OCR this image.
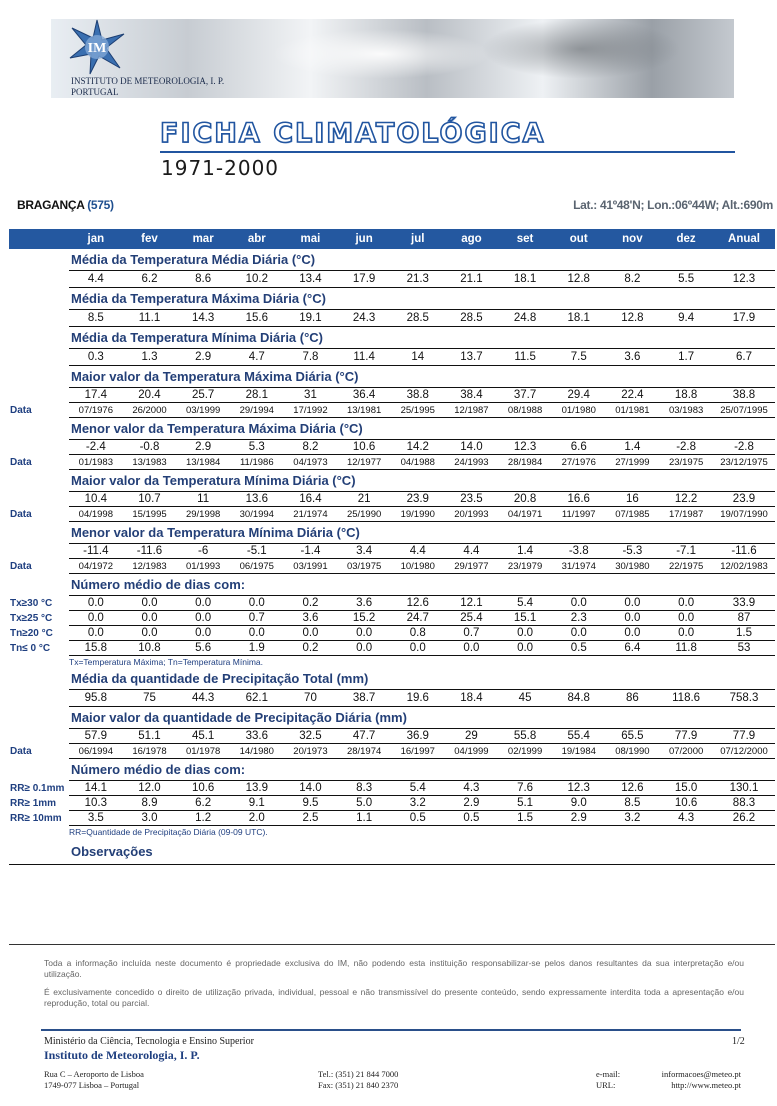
IM
INSTITUTO DE METEOROLOGIA, I. P.
PORTUGAL
FICHA CLIMATOLÓGICA
1971-2000
BRAGANÇA (575)	Lat.: 41º48'N; Lon.:06º44W; Alt.:690m
	jan	fev	mar	abr	mai	jun	jul	ago	set	out	nov	dez	Anual
	Média da Temperatura Média Diária (°C)												
	4.4	6.2	8.6	10.2	13.4	17.9	21.3	21.1	18.1	12.8	8.2	5.5	12.3
	Média da Temperatura Máxima Diária (°C)												
	8.5	11.1	14.3	15.6	19.1	24.3	28.5	28.5	24.8	18.1	12.8	9.4	17.9
	Média da Temperatura Mínima Diária (°C)												
	0.3	1.3	2.9	4.7	7.8	11.4	14	13.7	11.5	7.5	3.6	1.7	6.7
	Maior valor da Temperatura Máxima Diária (°C)												
	17.4	20.4	25.7	28.1	31	36.4	38.8	38.4	37.7	29.4	22.4	18.8	38.8
Data	07/1976	26/2000	03/1999	29/1994	17/1992	13/1981	25/1995	12/1987	08/1988	01/1980	01/1981	03/1983	25/07/1995
	Menor valor da Temperatura Máxima Diária (°C)												
	-2.4	-0.8	2.9	5.3	8.2	10.6	14.2	14.0	12.3	6.6	1.4	-2.8	-2.8
Data	01/1983	13/1983	13/1984	11/1986	04/1973	12/1977	04/1988	24/1993	28/1984	27/1976	27/1999	23/1975	23/12/1975
	Maior valor da Temperatura Mínima Diária (°C)												
	10.4	10.7	11	13.6	16.4	21	23.9	23.5	20.8	16.6	16	12.2	23.9
Data	04/1998	15/1995	29/1998	30/1994	21/1974	25/1990	19/1990	20/1993	04/1971	11/1997	07/1985	17/1987	19/07/1990
	Menor valor da Temperatura Mínima Diária (°C)												
	-11.4	-11.6	-6	-5.1	-1.4	3.4	4.4	4.4	1.4	-3.8	-5.3	-7.1	-11.6
Data	04/1972	12/1983	01/1993	06/1975	03/1991	03/1975	10/1980	29/1977	23/1979	31/1974	30/1980	22/1975	12/02/1983
	Número médio de dias com:												
Tx≥30 °C	0.0	0.0	0.0	0.0	0.2	3.6	12.6	12.1	5.4	0.0	0.0	0.0	33.9
Tx≥25 °C	0.0	0.0	0.0	0.7	3.6	15.2	24.7	25.4	15.1	2.3	0.0	0.0	87
Tn≥20 °C	0.0	0.0	0.0	0.0	0.0	0.0	0.8	0.7	0.0	0.0	0.0	0.0	1.5
Tn≤ 0 °C	15.8	10.8	5.6	1.9	0.2	0.0	0.0	0.0	0.0	0.5	6.4	11.8	53
	Tx=Temperatura Máxima; Tn=Temperatura Mínima.												
	Média da quantidade de Precipitação Total (mm)												
	95.8	75	44.3	62.1	70	38.7	19.6	18.4	45	84.8	86	118.6	758.3
	Maior valor da quantidade de Precipitação Diária (mm)												
	57.9	51.1	45.1	33.6	32.5	47.7	36.9	29	55.8	55.4	65.5	77.9	77.9
Data	06/1994	16/1978	01/1978	14/1980	20/1973	28/1974	16/1997	04/1999	02/1999	19/1984	08/1990	07/2000	07/12/2000
	Número médio de dias com:												
RR≥ 0.1mm	14.1	12.0	10.6	13.9	14.0	8.3	5.4	4.3	7.6	12.3	12.6	15.0	130.1
RR≥ 1mm	10.3	8.9	6.2	9.1	9.5	5.0	3.2	2.9	5.1	9.0	8.5	10.6	88.3
RR≥ 10mm	3.5	3.0	1.2	2.0	2.5	1.1	0.5	0.5	1.5	2.9	3.2	4.3	26.2
	RR=Quantidade de Precipitação Diária (09-09 UTC).												
	Observações												
Toda a informação incluída neste documento é propriedade exclusiva do IM, não podendo esta instituição responsabilizar-se pelos danos resultantes da sua interpretação e/ou utilização.
É exclusivamente concedido o direito de utilização privada, individual, pessoal e não transmissível do presente conteúdo, sendo expressamente interdita toda a apresentação e/ou reprodução, total ou parcial.
Ministério da Ciência, Tecnologia e Ensino Superior
Instituto de Meteorologia, I. P.
1/2
Rua C – Aeroporto de Lisboa
1749-077 Lisboa – Portugal
Tel.: (351) 21 844 7000
Fax: (351) 21 840 2370
e-mail:
URL:
informacoes@meteo.pt
http://www.meteo.pt
